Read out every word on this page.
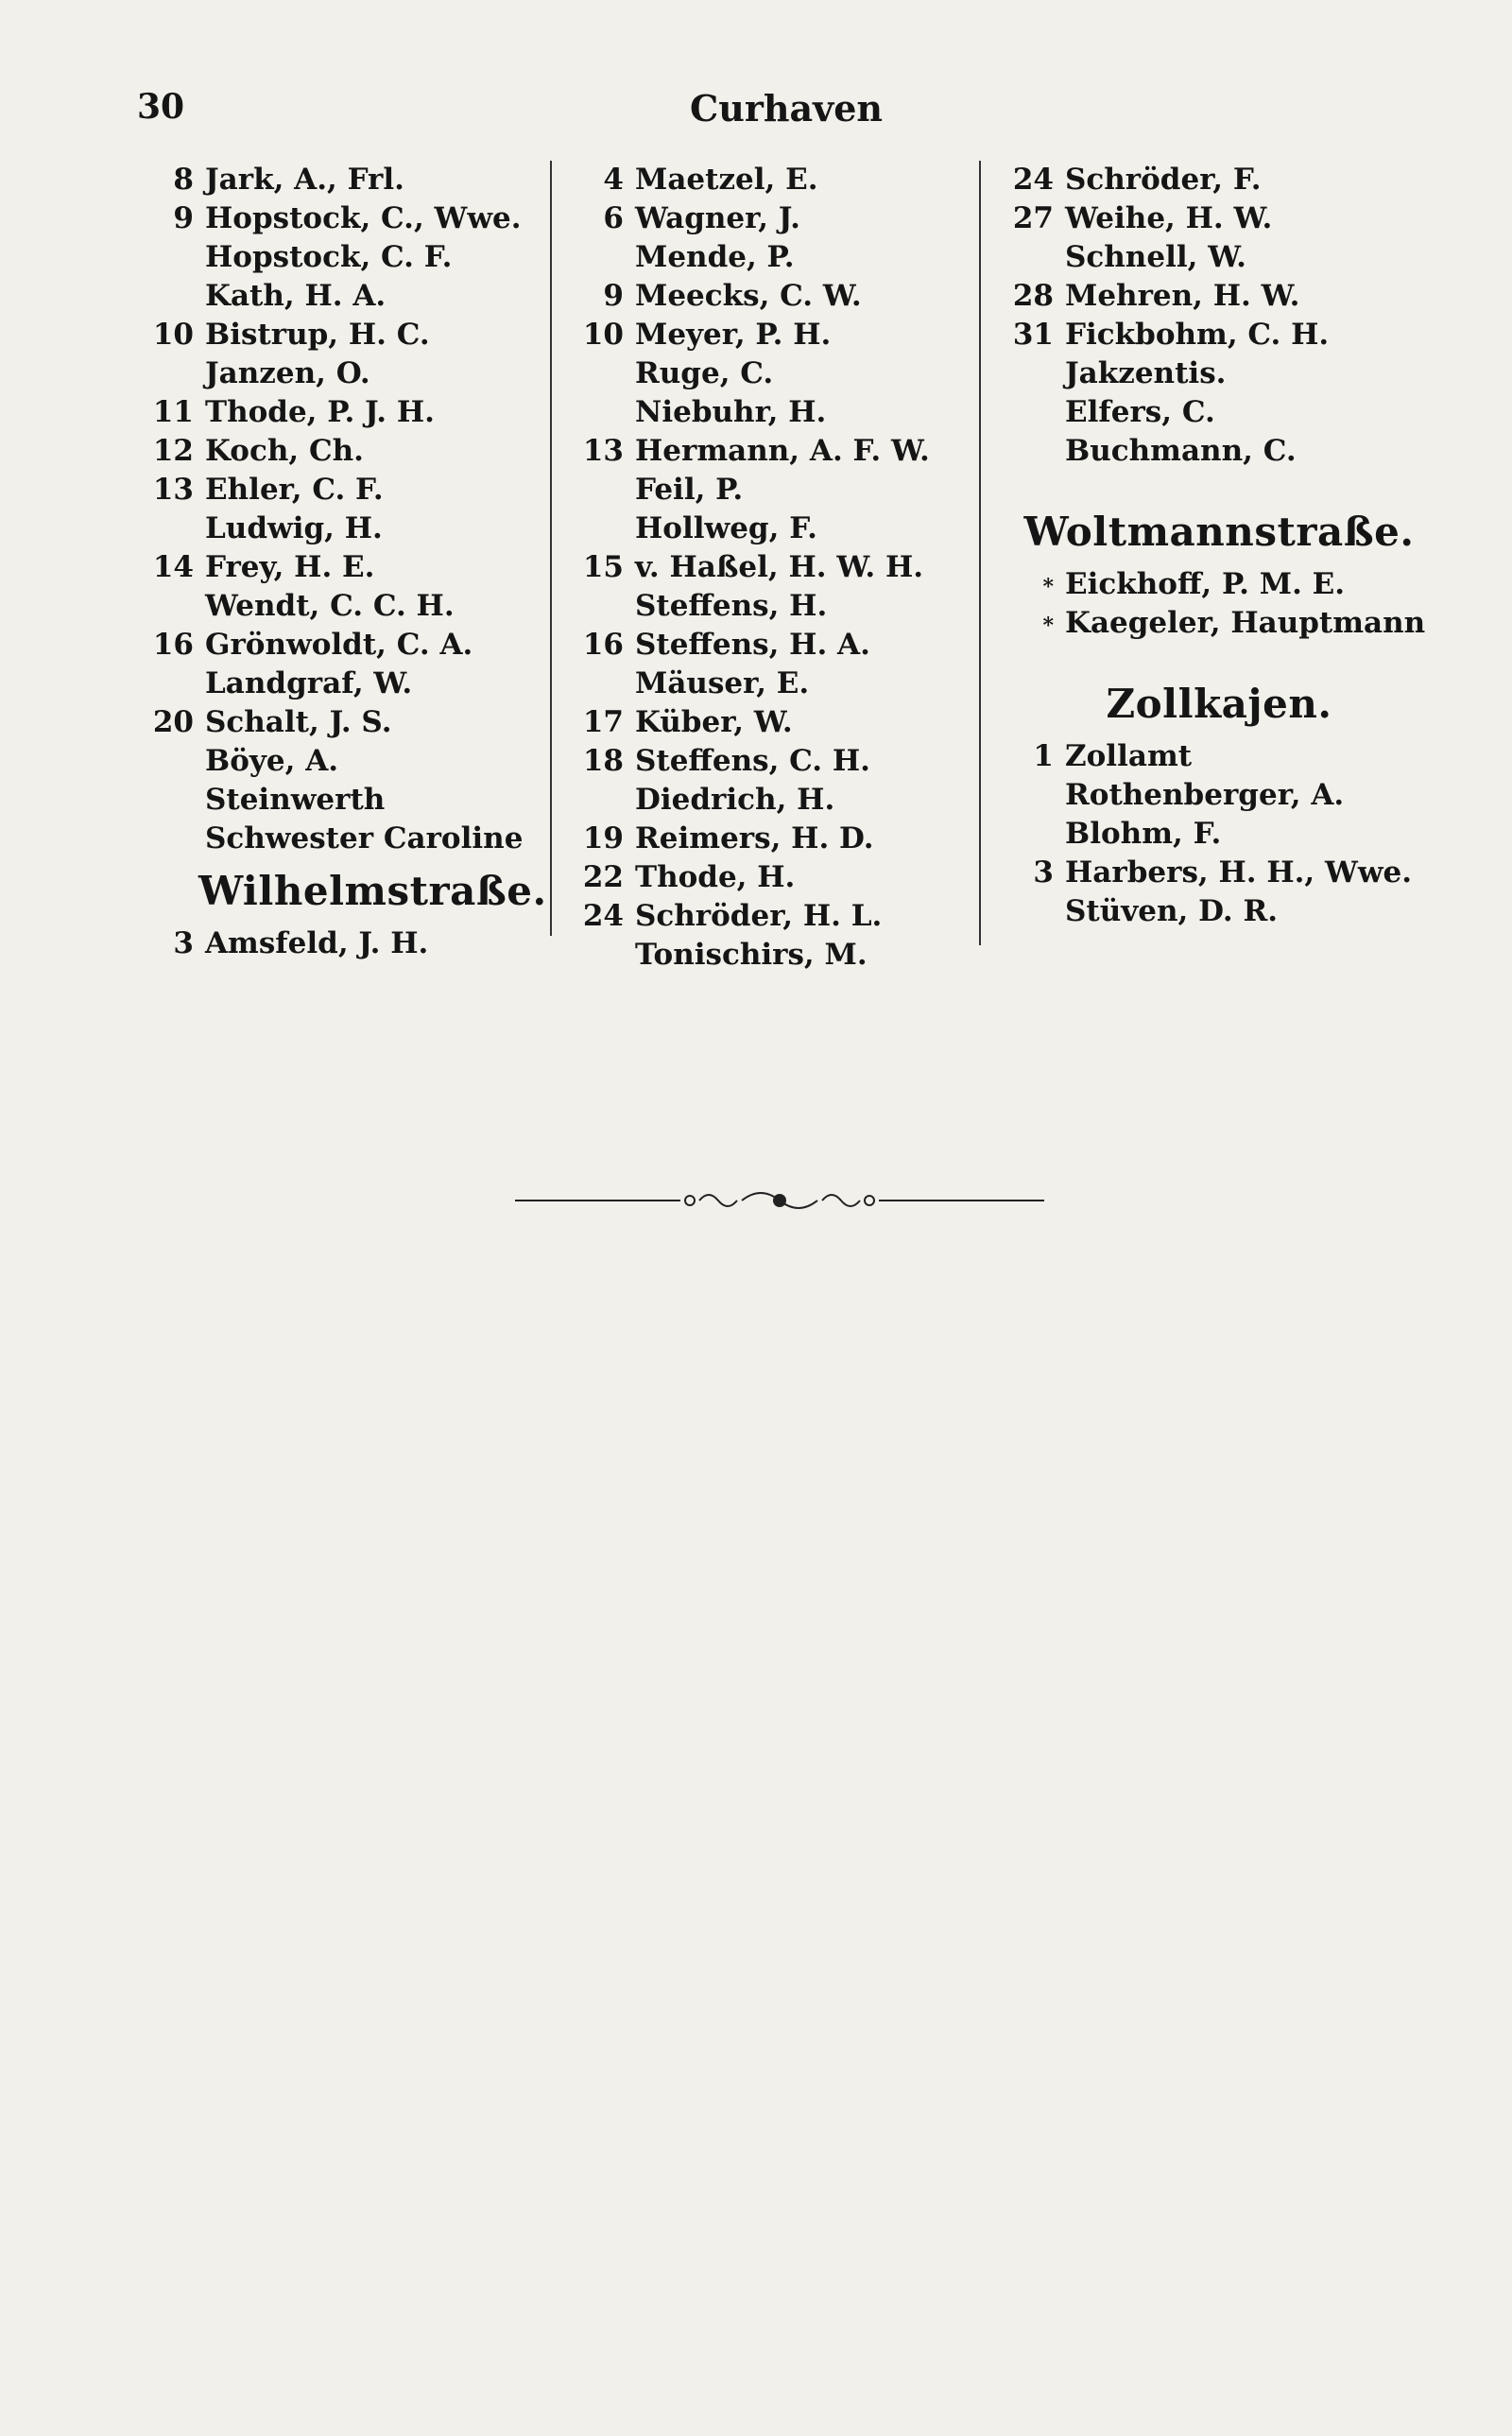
30	Curhaven
8 Jark, A., Frl.
9 Hopstock, C., Wwe.
Hopstock, C. F.
Kath, H. A.
10 Bistrup, H. C.
Janzen, O.
11 Thode, P. J. H.
12 Koch, Ch.
13 Ehler, C. F.
Ludwig, H.
14 Frey, H. E.
Wendt, C. C. H.
16 Grönwoldt, C. A.
Landgraf, W.
20 Schalt, J. S.
Böye, A.
Steinwerth
Schwester Caroline
Wilhelmstraße.
3 Amsfeld, J. H.
4 Maetzel, E.
6 Wagner, J.
Mende, P.
9 Meecks, C. W.
10 Meyer, P. H.
Ruge, C.
Niebuhr, H.
13 Hermann, A. F. W.
Feil, P.
Hollweg, F.
15 v. Haßel, H. W. H.
Steffens, H.
16 Steffens, H. A.
Mäuser, E.
17 Küber, W.
18 Steffens, C. H.
Diedrich, H.
19 Reimers, H. D.
22 Thode, H.
24 Schröder, H. L.
Tonischirs, M.
24 Schröder, F.
27 Weihe, H. W.
Schnell, W.
28 Mehren, H. W.
31 Fickbohm, C. H.
Jakzentis.
Elfers, C.
Buchmann, C.
Woltmannstraße.
* Eickhoff, P. M. E.
* Kaegeler, Hauptmann
Zollkajen.
1 Zollamt
Rothenberger, A.
Blohm, F.
3 Harbers, H. H., Wwe.
Stüven, D. R.
